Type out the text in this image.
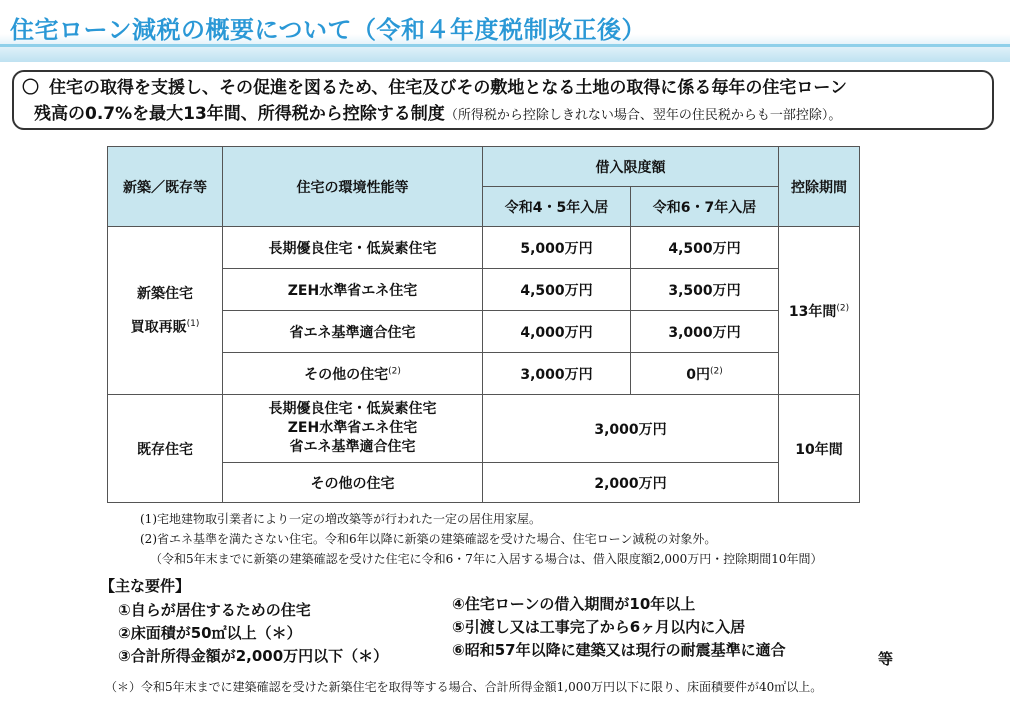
住宅ローン減税の概要について（令和４年度税制改正後）
〇 住宅の取得を支援し、その促進を図るため、住宅及びその敷地となる土地の取得に係る毎年の住宅ローン
残高の0.7%を最大13年間、所得税から控除する制度（所得税から控除しきれない場合、翌年の住民税からも一部控除）。
新築／既存等	住宅の環境性能等	借入限度額		控除期間
		令和4・5年入居	令和6・7年入居	

新築住宅
買取再販$^{(1)}$	長期優良住宅・低炭素住宅	5,000万円	4,500万円	13年間$^{(2)}$
	ZEH水準省エネ住宅	4,500万円	3,500万円	
	省エネ基準適合住宅	4,000万円	3,000万円	
	その他の住宅$^{(2)}$	3,000万円	0円$^{(2)}$
既存住宅	長期優良住宅・低炭素住宅
ZEH水準省エネ住宅
省エネ基準適合住宅	3,000万円		10年間
	その他の住宅	2,000万円		
(1)宅地建物取引業者により一定の増改築等が行われた一定の居住用家屋。
(2)省エネ基準を満たさない住宅。令和6年以降に新築の建築確認を受けた場合、住宅ローン減税の対象外。
（令和5年末までに新築の建築確認を受けた住宅に令和6・7年に入居する場合は、借入限度額2,000万円・控除期間10年間）
【主な要件】
①自らが居住するための住宅
②床面積が50㎡以上（＊）
③合計所得金額が2,000万円以下（＊）
④住宅ローンの借入期間が10年以上
⑤引渡し又は工事完了から6ヶ月以内に入居
⑥昭和57年以降に建築又は現行の耐震基準に適合	等
（＊）令和5年末までに建築確認を受けた新築住宅を取得等する場合、合計所得金額1,000万円以下に限り、床面積要件が40㎡以上。
